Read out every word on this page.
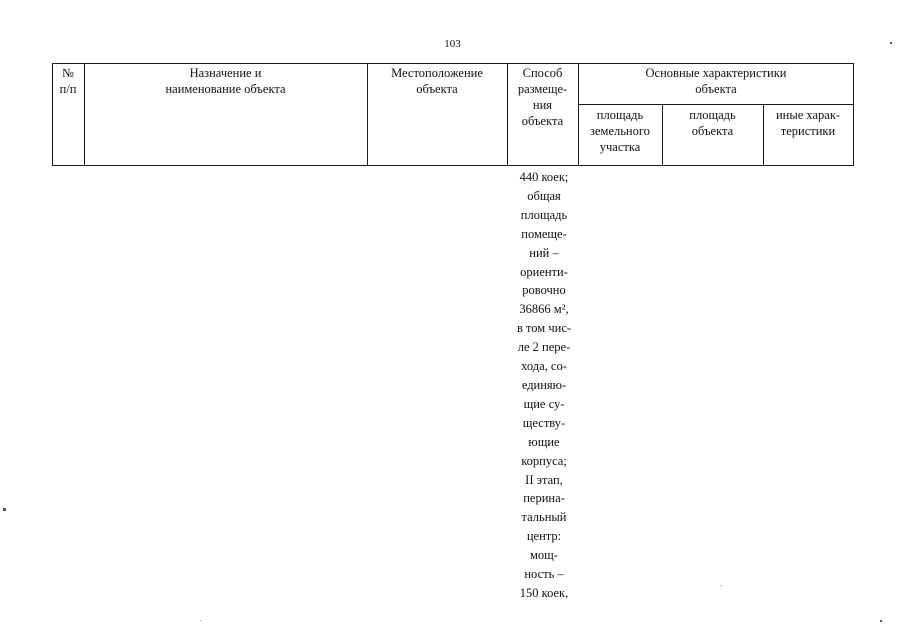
103
№
п/п
Назначение и
наименование объекта
Местоположение
объекта
Способ
размеще-
ния
объекта
Основные характеристики
объекта
площадь
земельного
участка
площадь
объекта
иные харак-
теристики
440 коек;
общая
площадь
помеще-
ний –
ориенти-
ровочно
36866 м²,
в том чис-
ле 2 пере-
хода, со-
единяю-
щие су-
ществу-
ющие
корпуса;
II этап,
перина-
тальный
центр:
мощ-
ность –
150 коек,
